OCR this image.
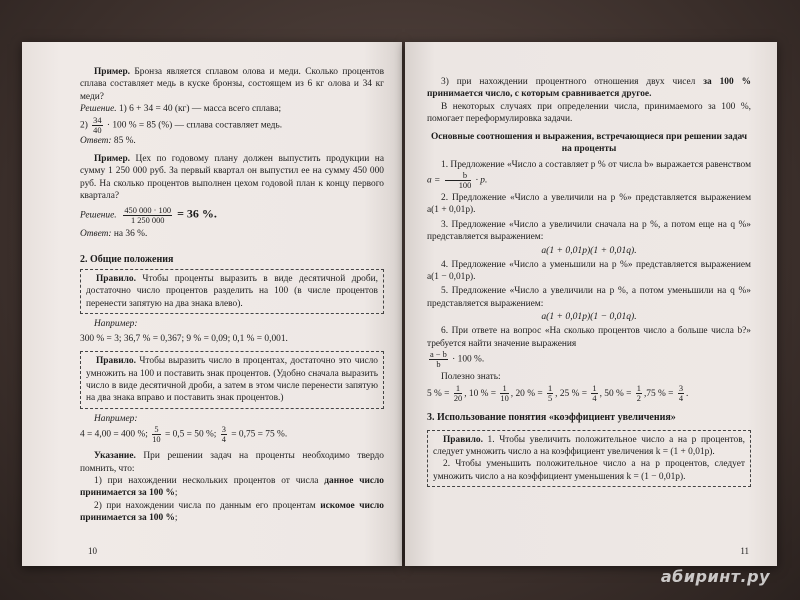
Пример. Бронза является сплавом олова и меди. Сколько процентов сплава составляет медь в куске бронзы, состоящем из 6 кг олова и 34 кг меди?

Решение. 1) 6 + 34 = 40 (кг) — масса всего сплава;

$2) \frac{34}{40} \cdot 100$ % = 85 (%) — сплава составляет медь.

Ответ: 85 %.

Пример. Цех по годовому плану должен выпустить продукции на сумму 1 250 000 руб. За первый квартал он выпустил ее на сумму 450 000 руб. На сколько процентов выполнен цехом годовой план к концу первого квартала?

Решение. $\frac{450 000 \cdot 100}{1 250 000} = 36$ %.

Ответ: на 36 %.

2. Общие положения

Правило. Чтобы проценты выразить в виде десятичной дроби, достаточно число процентов разделить на 100 (в числе процентов перенести запятую на два знака влево).

Например:

300 % = 3; 36,7 % = 0,367; 9 % = 0,09; 0,1 % = 0,001.

Правило. Чтобы выразить число в процентах, достаточно это число умножить на 100 и поставить знак процентов. (Удобно сначала выразить число в виде десятичной дроби, а затем в этом числе перенести запятую на два знака вправо и поставить знак процентов.)

Например:

4 = 4,00 = 400 %; $\frac{5}{10} = 0,5 = 50$ %; $\frac{3}{4} = 0,75 = 75$ %.

Указание. При решении задач на проценты необходимо твердо помнить, что:

1) при нахождении нескольких процентов от числа данное число принимается за 100 %;

2) при нахождении числа по данным его процентам искомое число принимается за 100 %;

10

3) при нахождении процентного отношения двух чисел за 100 % принимается число, с которым сравнивается другое.

В некоторых случаях при определении числа, принимаемого за 100 %, помогает переформулировка задачи.

Основные соотношения и выражения, встречающиеся при решении задач на проценты

1. Предложение «Число a составляет p % от числа b» выражается равенством $a = \frac{b}{100} \cdot p$.

2. Предложение «Число a увеличили на p %» представляется выражением a(1 + 0,01p).

3. Предложение «Число a увеличили сначала на p %, а потом еще на q %» представляется выражением:

a(1 + 0,01p)(1 + 0,01q).

4. Предложение «Число a уменьшили на p %» представляется выражением a(1 − 0,01p).

5. Предложение «Число a увеличили на p %, а потом уменьшили на q %» представляется выражением:

a(1 + 0,01p)(1 − 0,01q).

6. При ответе на вопрос «На сколько процентов число a больше числа b?» требуется найти значение выражения

$\frac{a - b}{b} \cdot 100$ %.

Полезно знать:

5 % = $\frac{1}{20}$ , 10 % = $\frac{1}{10}$ , 20 % = $\frac{1}{5}$ , 25 % = $\frac{1}{4}$ , 50 % = $\frac{1}{2} ,75$ % = $\frac{3}{4}$ .

3. Использование понятия «коэффициент увеличения»

Правило. 1. Чтобы увеличить положительное число a на p процентов, следует умножить число a на коэффициент увеличения k = (1 + 0,01p).

2. Чтобы уменьшить положительное число a на p процентов, следует умножить число a на коэффициент уменьшения k = (1 − 0,01p).

11
абиринт.ру
